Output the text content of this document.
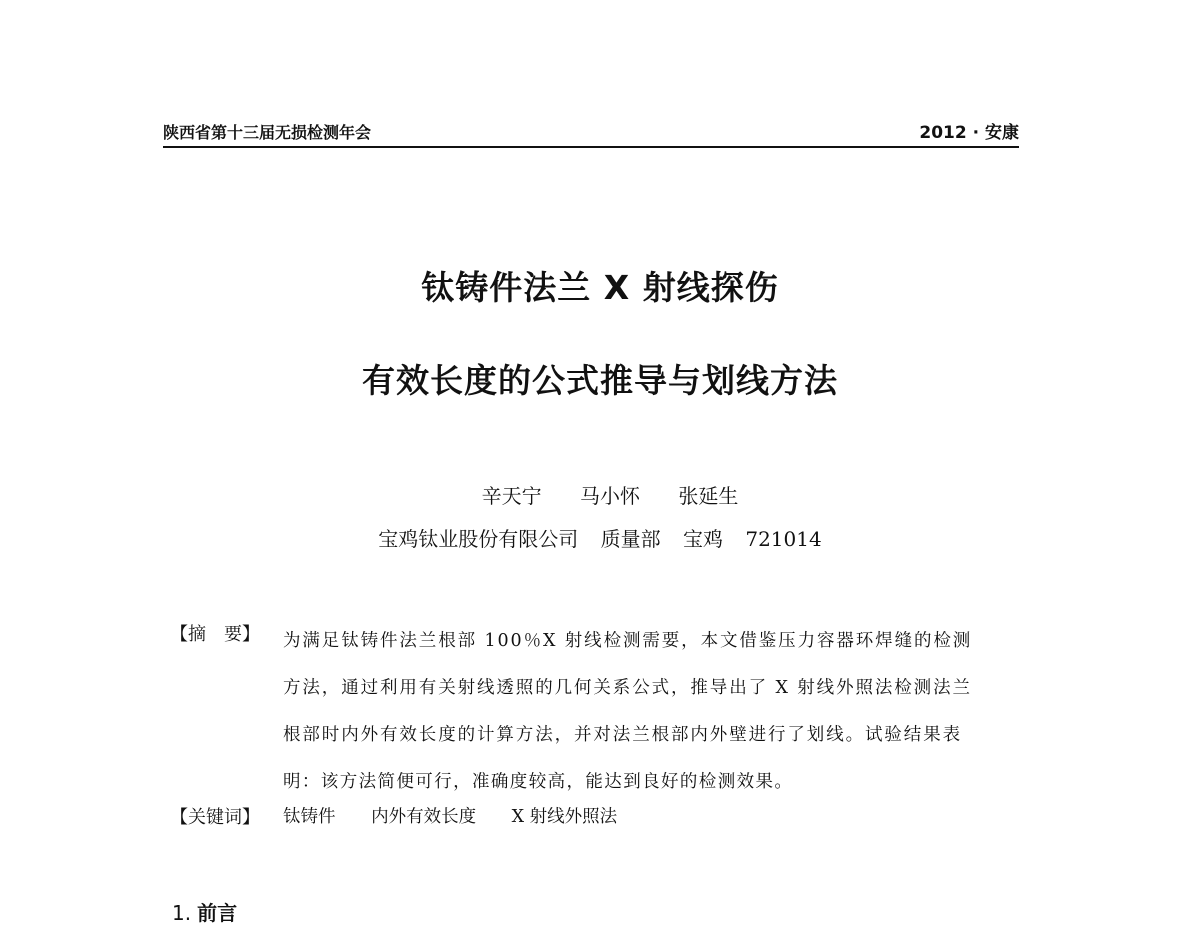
陕西省第十三届无损检测年会	2012 · 安康
钛铸件法兰 X 射线探伤
有效长度的公式推导与划线方法
辛天宁 马小怀 张延生
宝鸡钛业股份有限公司 质量部 宝鸡 721014
【摘　要】 为满足钛铸件法兰根部 100％X 射线检测需要，本文借鉴压力容器环焊缝的检测
方法，通过利用有关射线透照的几何关系公式，推导出了 X 射线外照法检测法兰
根部时内外有效长度的计算方法，并对法兰根部内外壁进行了划线。试验结果表
明：该方法简便可行，准确度较高，能达到良好的检测效果。
【关键词】 钛铸件 内外有效长度 X 射线外照法
1. 前言
